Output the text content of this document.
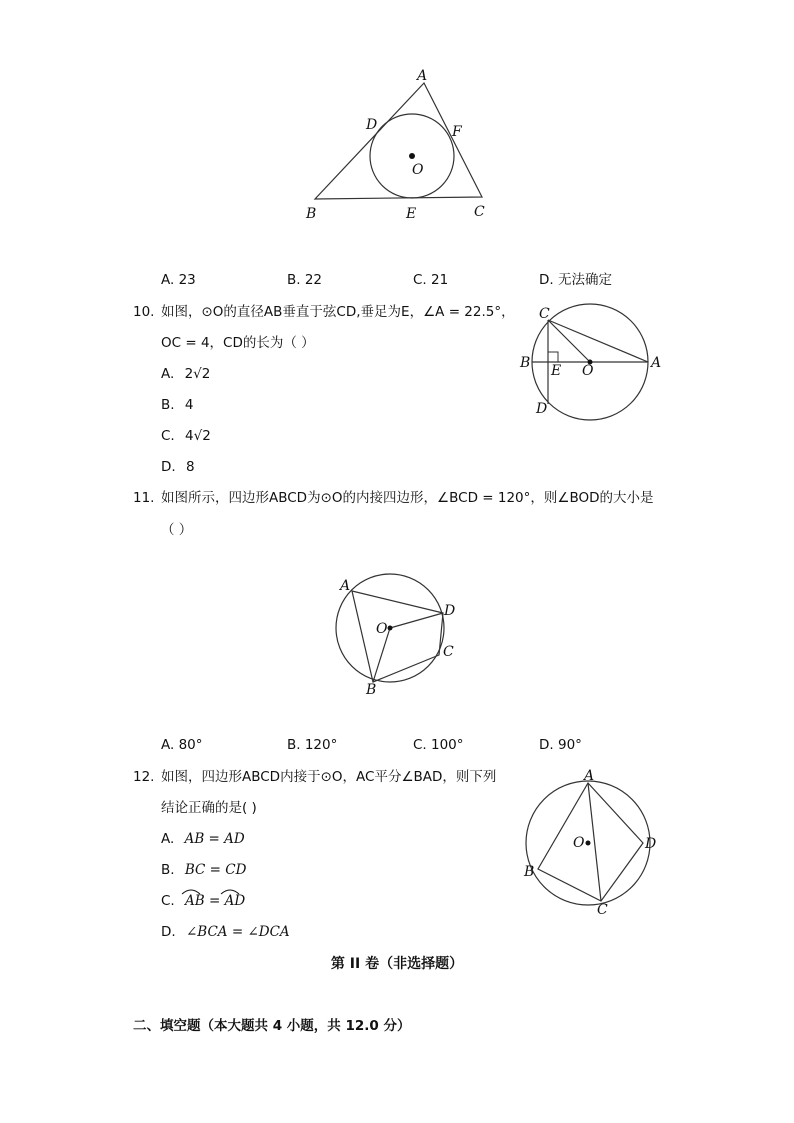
A
D	F
O
B	E	C
A. 23	B. 22	C. 21	D. 无法确定
10. 如图，⊙O的直径AB垂直于弦CD,垂足为E，∠A = 22.5°，
OC = 4，CD的长为（ ）
A. 2√2
B. 4
C. 4√2
D. 8
C
B E O	A
D
11. 如图所示，四边形ABCD为⊙O的内接四边形，∠BCD = 120°，则∠BOD的大小是
（ ）
A
D
O
C
B
A. 80°	B. 120°	C. 100°	D. 90°
12. 如图，四边形ABCD内接于⊙O，AC平分∠BAD，则下列
结论正确的是( )
A. AB = AD
B. BC = CD
C. AB = AD
D. ∠BCA = ∠DCA
A
O	D
B
C
第 II 卷（非选择题）
二、填空题（本大题共 4 小题，共 12.0 分）
